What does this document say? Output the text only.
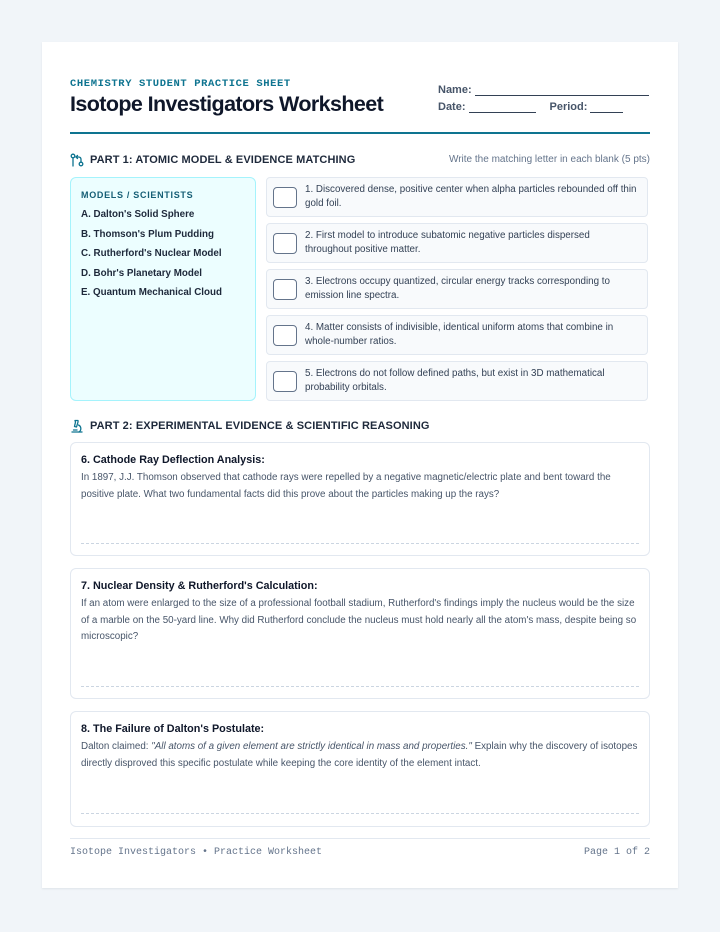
CHEMISTRY STUDENT PRACTICE SHEET
Isotope Investigators Worksheet
Name:
Date:	Period:
PART 1: ATOMIC MODEL & EVIDENCE MATCHING	Write the matching letter in each blank (5 pts)
MODELS / SCIENTISTS
A. Dalton's Solid Sphere
B. Thomson's Plum Pudding
C. Rutherford's Nuclear Model
D. Bohr's Planetary Model
E. Quantum Mechanical Cloud
1. Discovered dense, positive center when alpha particles rebounded off thin gold foil.
2. First model to introduce subatomic negative particles dispersed throughout positive matter.
3. Electrons occupy quantized, circular energy tracks corresponding to emission line spectra.
4. Matter consists of indivisible, identical uniform atoms that combine in whole-number ratios.
5. Electrons do not follow defined paths, but exist in 3D mathematical probability orbitals.
PART 2: EXPERIMENTAL EVIDENCE & SCIENTIFIC REASONING
6. Cathode Ray Deflection Analysis:
In 1897, J.J. Thomson observed that cathode rays were repelled by a negative magnetic/electric plate and bent toward the positive plate. What two fundamental facts did this prove about the particles making up the rays?
7. Nuclear Density & Rutherford's Calculation:
If an atom were enlarged to the size of a professional football stadium, Rutherford's findings imply the nucleus would be the size of a marble on the 50-yard line. Why did Rutherford conclude the nucleus must hold nearly all the atom's mass, despite being so microscopic?
8. The Failure of Dalton's Postulate:
Dalton claimed: "All atoms of a given element are strictly identical in mass and properties." Explain why the discovery of isotopes directly disproved this specific postulate while keeping the core identity of the element intact.
Isotope Investigators • Practice Worksheet	Page 1 of 2
